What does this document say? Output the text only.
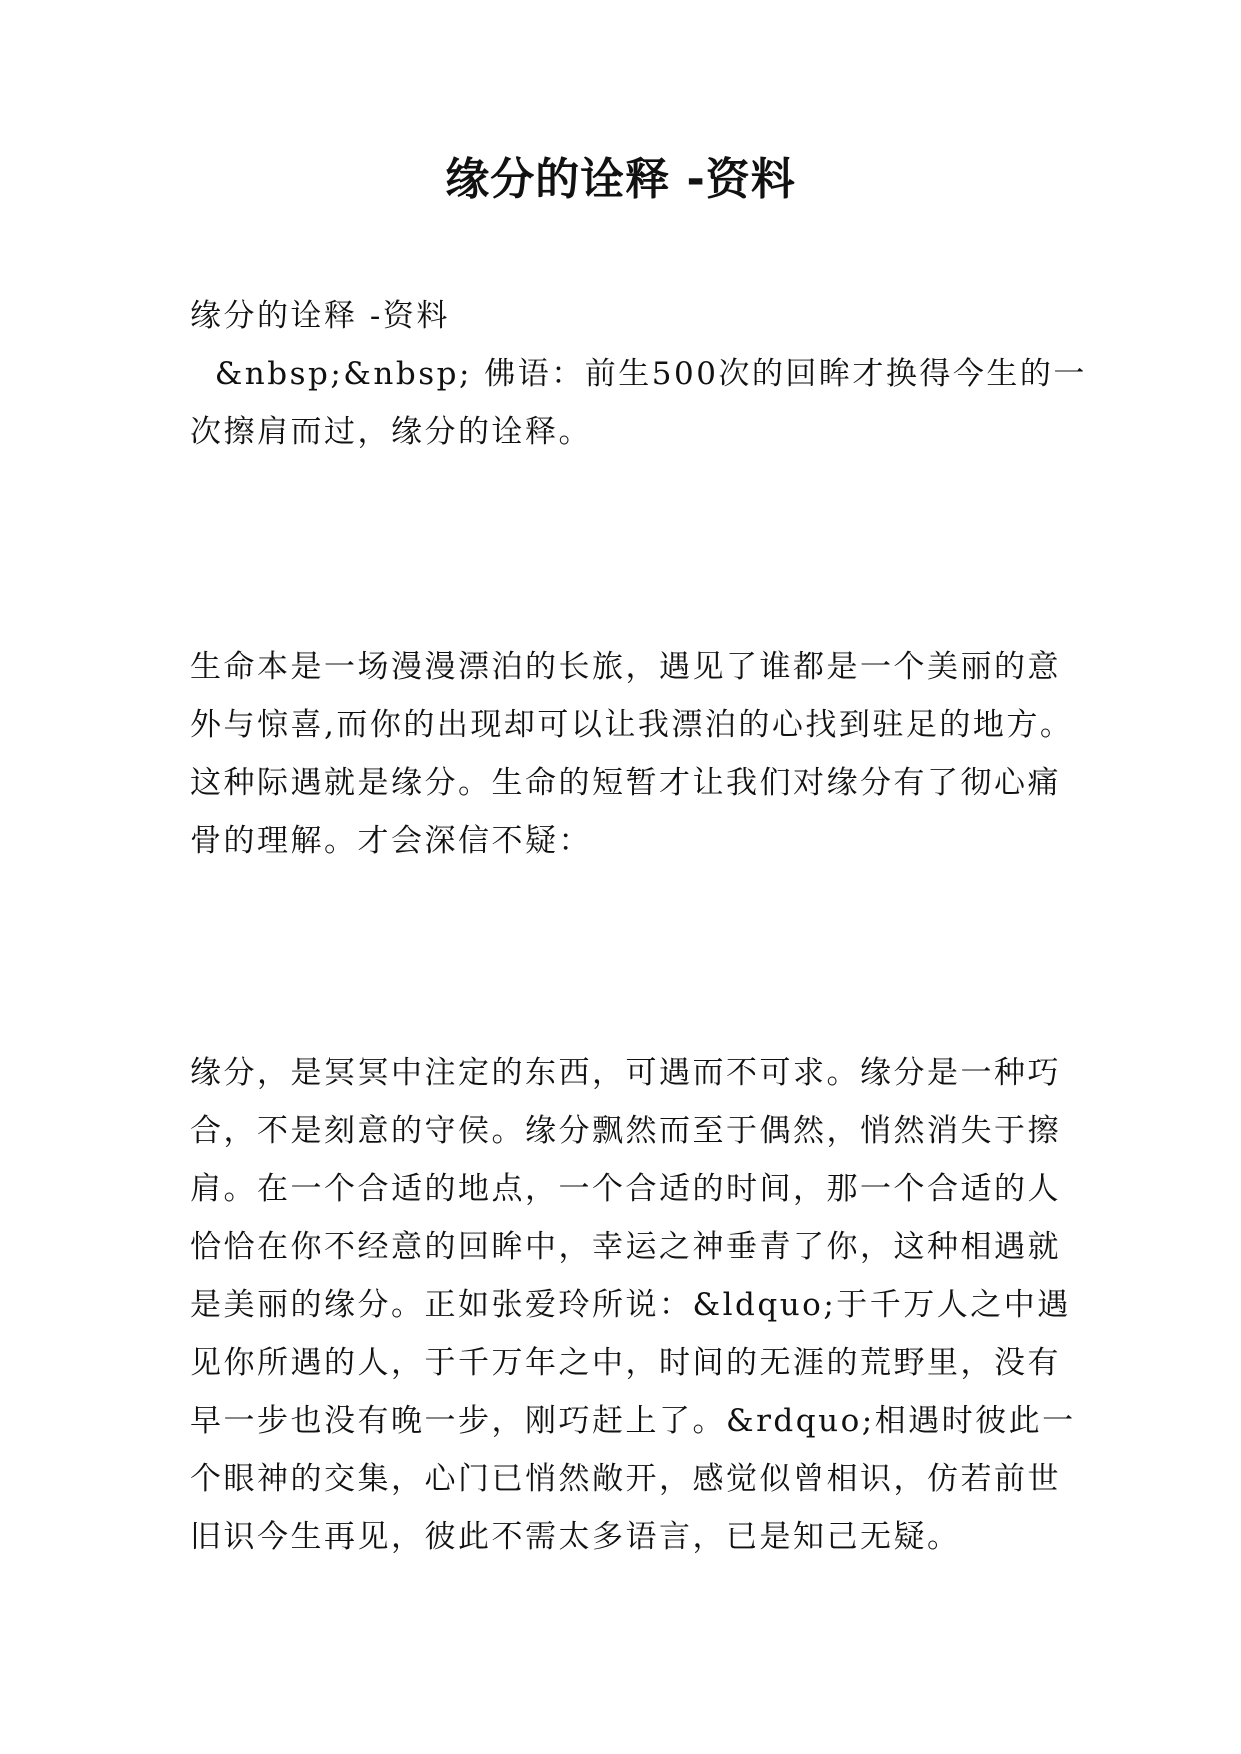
缘分的诠释 -资料
缘分的诠释 -资料
&nbsp;&nbsp; 佛语：前生500次的回眸才换得今生的一
次擦肩而过，缘分的诠释。
生命本是一场漫漫漂泊的长旅，遇见了谁都是一个美丽的意
外与惊喜,而你的出现却可以让我漂泊的心找到驻足的地方。
这种际遇就是缘分。生命的短暂才让我们对缘分有了彻心痛
骨的理解。才会深信不疑：
缘分，是冥冥中注定的东西，可遇而不可求。缘分是一种巧
合，不是刻意的守侯。缘分飘然而至于偶然，悄然消失于擦
肩。在一个合适的地点，一个合适的时间，那一个合适的人
恰恰在你不经意的回眸中，幸运之神垂青了你，这种相遇就
是美丽的缘分。正如张爱玲所说：&ldquo;于千万人之中遇
见你所遇的人，于千万年之中，时间的无涯的荒野里，没有
早一步也没有晚一步，刚巧赶上了。&rdquo;相遇时彼此一
个眼神的交集，心门已悄然敞开，感觉似曾相识，仿若前世
旧识今生再见，彼此不需太多语言，已是知己无疑。
